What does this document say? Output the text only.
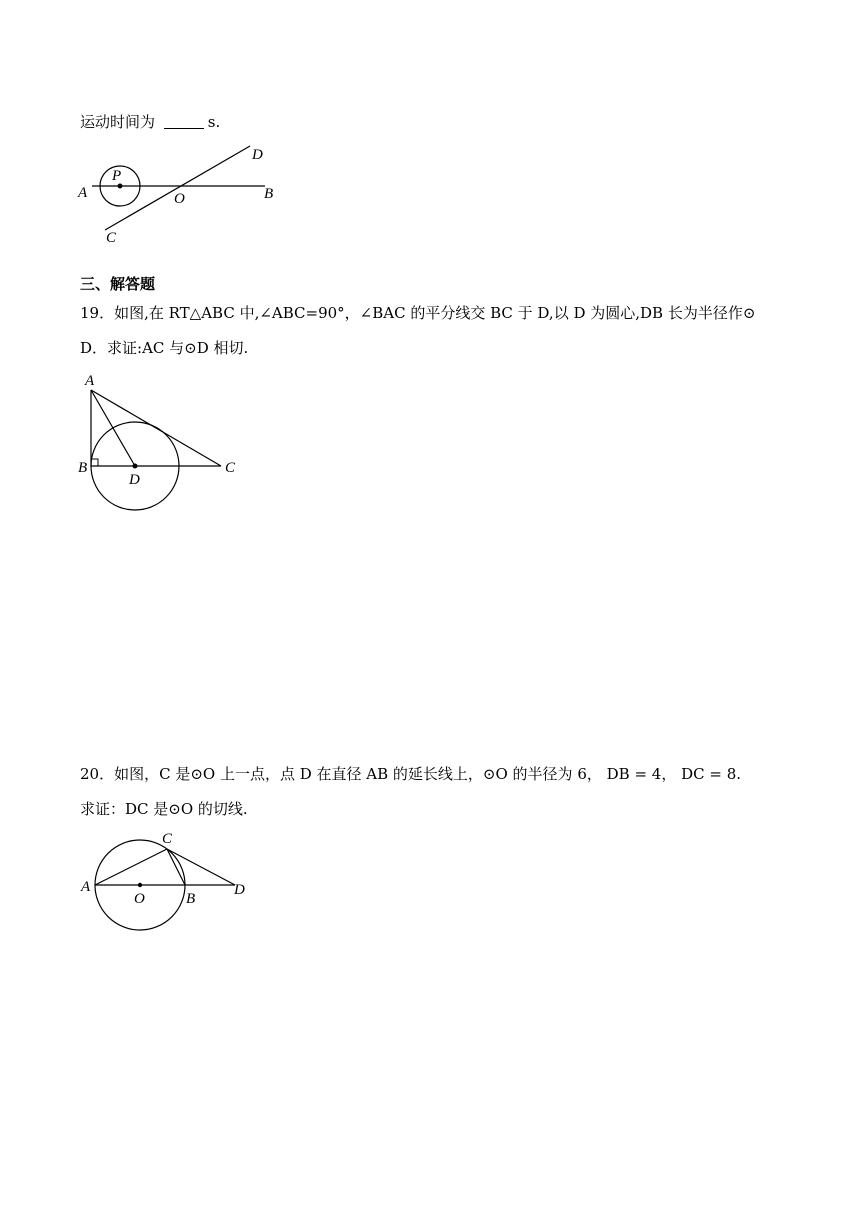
运动时间为	s.
A
P
O	B
D
C
三、解答题
19．如图,在 RT△ABC 中,∠ABC=90°，∠BAC 的平分线交 BC 于 D,以 D 为圆心,DB 长为半径作⊙
D．求证:AC 与⊙D 相切.
A
B
D
C
20．如图，C 是⊙O 上一点，点 D 在直径 AB 的延长线上，⊙O 的半径为 6， DB = 4， DC = 8.
求证：DC 是⊙O 的切线.
A
C
O	B
D
